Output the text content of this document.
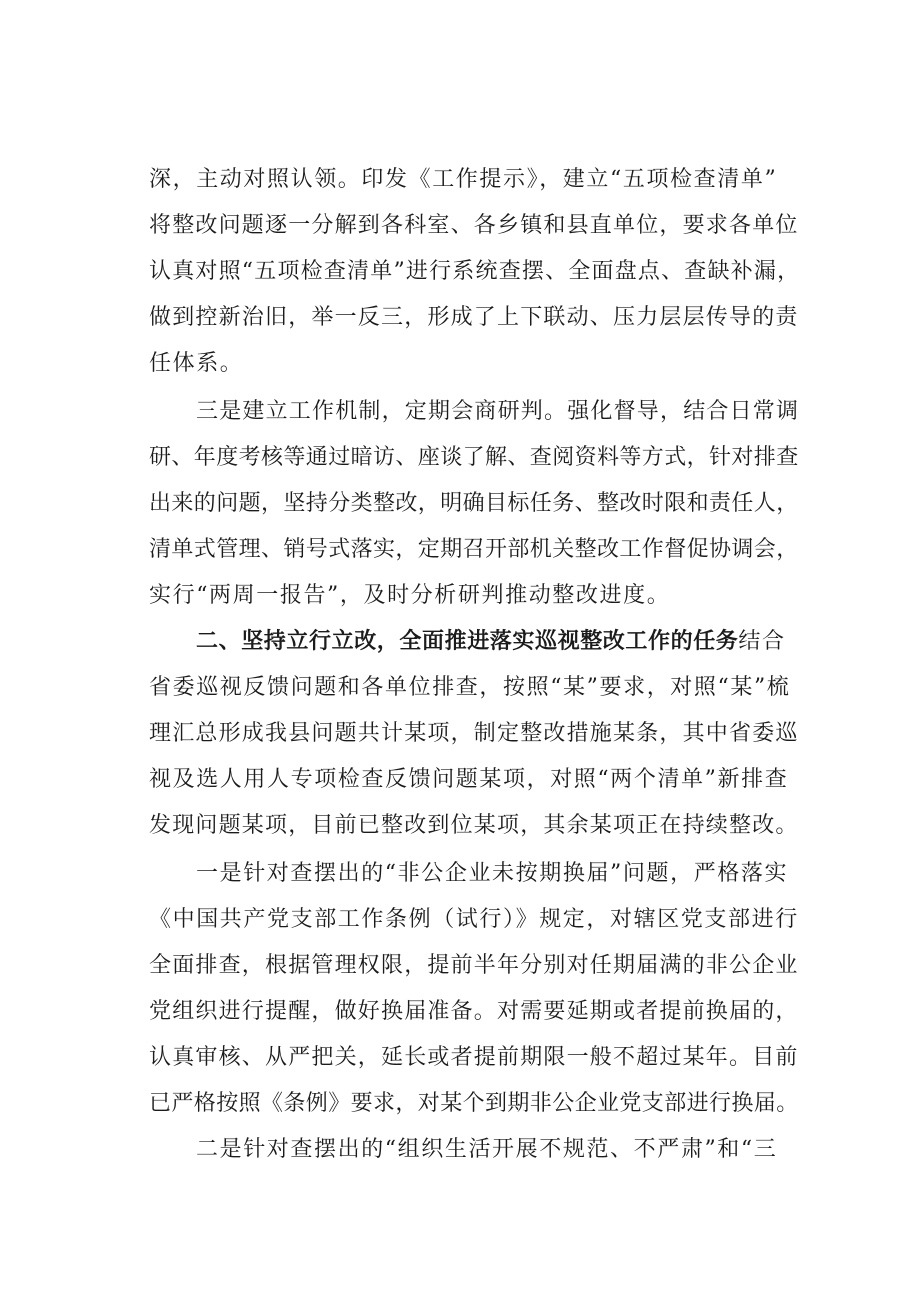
深，主动对照认领。印发《工作提示》，建立“五项检查清单”
将整改问题逐一分解到各科室、各乡镇和县直单位，要求各单位
认真对照“五项检查清单”进行系统查摆、全面盘点、查缺补漏，
做到控新治旧，举一反三，形成了上下联动、压力层层传导的责
任体系。
三是建立工作机制，定期会商研判。强化督导，结合日常调
研、年度考核等通过暗访、座谈了解、查阅资料等方式，针对排查
出来的问题，坚持分类整改，明确目标任务、整改时限和责任人，
清单式管理、销号式落实，定期召开部机关整改工作督促协调会，
实行“两周一报告”，及时分析研判推动整改进度。
二、坚持立行立改，全面推进落实巡视整改工作的任务结合
省委巡视反馈问题和各单位排查，按照“某”要求，对照“某”梳
理汇总形成我县问题共计某项，制定整改措施某条，其中省委巡
视及选人用人专项检查反馈问题某项，对照“两个清单”新排查
发现问题某项，目前已整改到位某项，其余某项正在持续整改。
一是针对查摆出的“非公企业未按期换届”问题，严格落实
《中国共产党支部工作条例（试行）》规定，对辖区党支部进行
全面排查，根据管理权限，提前半年分别对任期届满的非公企业
党组织进行提醒，做好换届准备。对需要延期或者提前换届的，
认真审核、从严把关，延长或者提前期限一般不超过某年。目前
已严格按照《条例》要求，对某个到期非公企业党支部进行换届。
二是针对查摆出的“组织生活开展不规范、不严肃”和“三
